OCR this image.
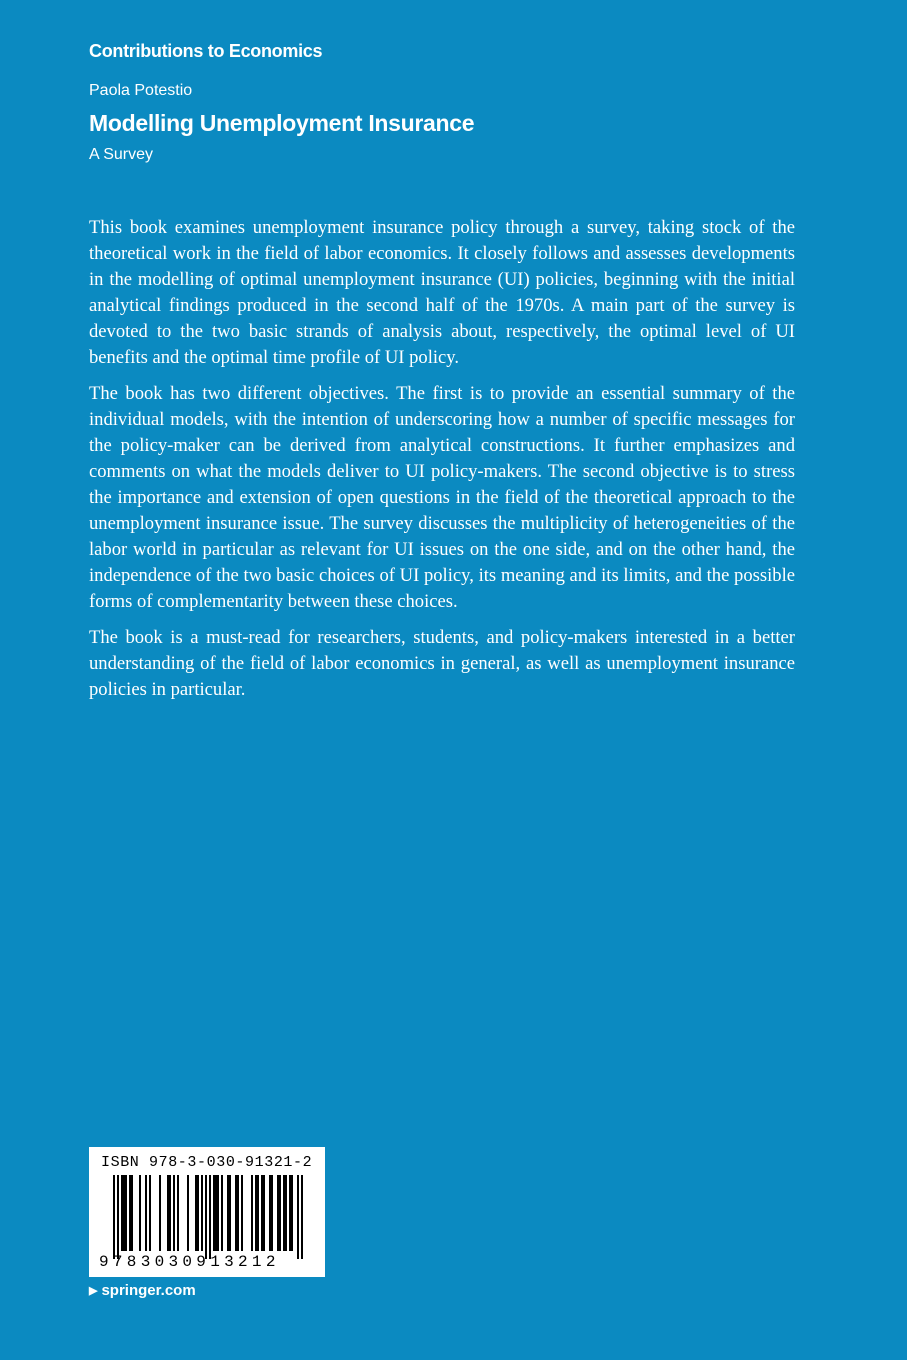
Contributions to Economics
Paola Potestio
Modelling Unemployment Insurance
A Survey

This book examines unemployment insurance policy through a survey, taking stock of the theoretical work in the field of labor economics. It closely follows and assesses developments in the modelling of optimal unemployment insurance (UI) policies, beginning with the initial analytical findings produced in the second half of the 1970s. A main part of the survey is devoted to the two basic strands of analysis about, respectively, the optimal level of UI benefits and the optimal time profile of UI policy.

The book has two different objectives. The first is to provide an essential summary of the individual models, with the intention of underscoring how a number of specific messages for the policy-maker can be derived from analytical constructions. It further emphasizes and comments on what the models deliver to UI policy-makers. The second objective is to stress the importance and extension of open questions in the field of the theoretical approach to the unemployment insurance issue. The survey discusses the multiplicity of heterogeneities of the labor world in particular as relevant for UI issues on the one side, and on the other hand, the independence of the two basic choices of UI policy, its meaning and its limits, and the possible forms of complementarity between these choices.

The book is a must-read for researchers, students, and policy-makers interested in a better understanding of the field of labor economics in general, as well as unemployment insurance policies in particular.

ISBN 978-3-030-91321-2
9783030913212
▶ springer.com
